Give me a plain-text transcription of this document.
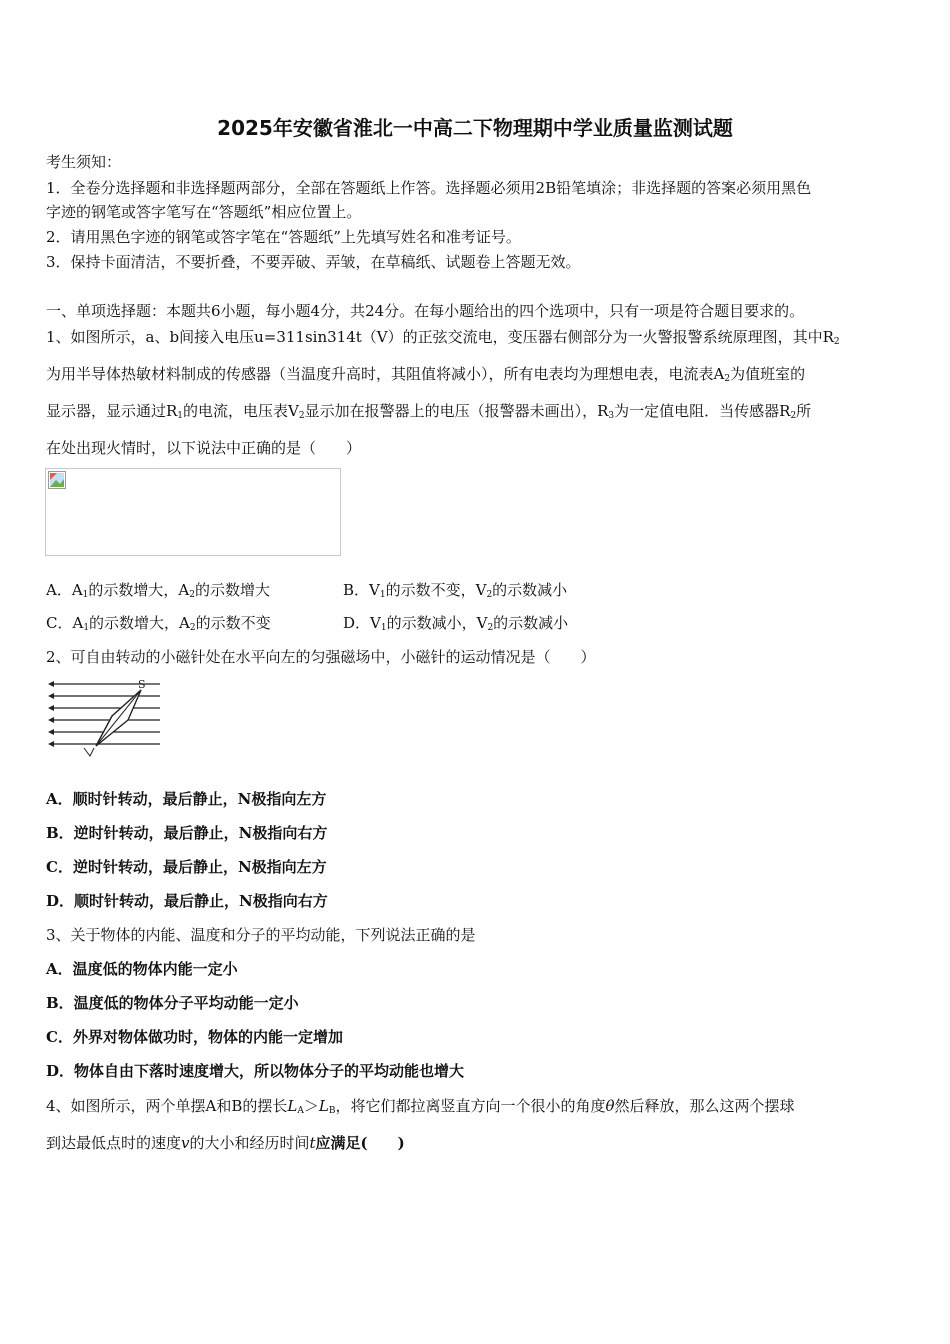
2025年安徽省淮北一中高二下物理期中学业质量监测试题
考生须知：
1．全卷分选择题和非选择题两部分，全部在答题纸上作答。选择题必须用2B铅笔填涂；非选择题的答案必须用黑色
字迹的钢笔或答字笔写在“答题纸”相应位置上。
2．请用黑色字迹的钢笔或答字笔在“答题纸”上先填写姓名和准考证号。
3．保持卡面清洁，不要折叠，不要弄破、弄皱，在草稿纸、试题卷上答题无效。
一、单项选择题：本题共6小题，每小题4分，共24分。在每小题给出的四个选项中，只有一项是符合题目要求的。
1、如图所示，a、b间接入电压u=311sin314t（V）的正弦交流电，变压器右侧部分为一火警报警系统原理图，其中$R_2$
为用半导体热敏材料制成的传感器（当温度升高时，其阻值将减小），所有电表均为理想电表，电流表$A_2$为值班室的
显示器，显示通过$R_1$的电流，电压表$V_2$显示加在报警器上的电压（报警器未画出），$R_3$为一定值电阻．当传感器$R_2$所
在处出现火情时，以下说法中正确的是（　　）
A．$A_1$的示数增大，$A_2$的示数增大	B．$V_1$的示数不变，$V_2$的示数减小
C．$A_1$的示数增大，$A_2$的示数不变	D．$V_1$的示数减小，$V_2$的示数减小
2、可自由转动的小磁针处在水平向左的匀强磁场中，小磁针的运动情况是（　　）
S
A．顺时针转动，最后静止，N极指向左方
B．逆时针转动，最后静止，N极指向右方
C．逆时针转动，最后静止，N极指向左方
D．顺时针转动，最后静止，N极指向右方
3、关于物体的内能、温度和分子的平均动能，下列说法正确的是
A．温度低的物体内能一定小
B．温度低的物体分子平均动能一定小
C．外界对物体做功时，物体的内能一定增加
D．物体自由下落时速度增大，所以物体分子的平均动能也增大
4、如图所示，两个单摆A和B的摆长$L_A>L_B$，将它们都拉离竖直方向一个很小的角度θ然后释放，那么这两个摆球
到达最低点时的速度v的大小和经历时间t应满足(　　)
